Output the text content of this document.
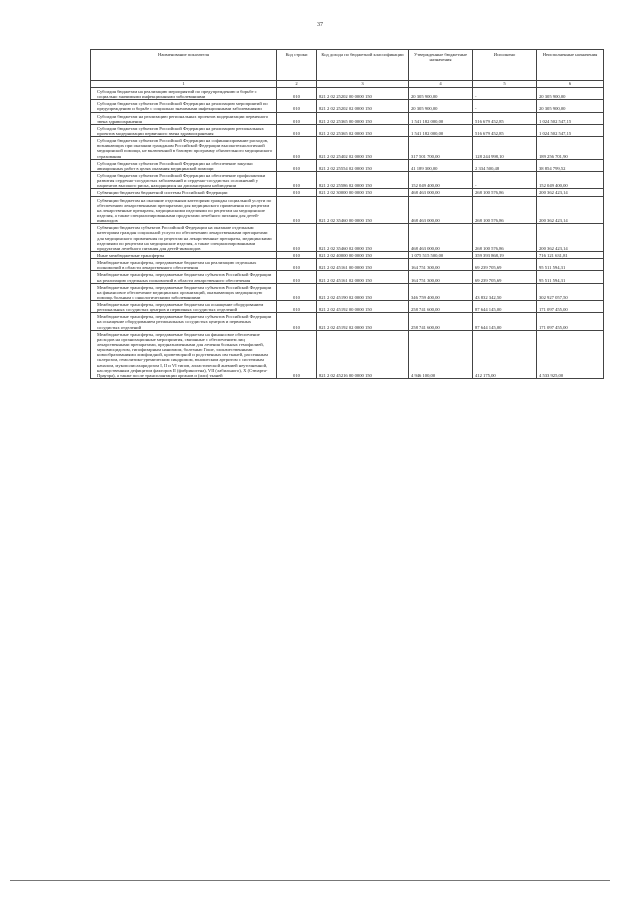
37
Наименование показателя	Код строки	Код дохода по бюджетной классификации	Утвержденные бюджетные назначения	Исполнено	Неисполненные назначения
1	2	3	4	5	6
Субсидия бюджетам на реализацию мероприятий по предупреждению и борьбе с социально значимыми инфекционными заболеваниями	010	821 2 02 25202 00 0000 150	20 305 900,00	-	20 305 900,00
Субсидии бюджетам субъектов Российской Федерации на реализацию мероприятий по предупреждению и борьбе с социально значимыми инфекционными заболеваниями	010	821 2 02 25202 02 0000 150	20 305 900,00	-	20 305 900,00
Субсидии бюджетам на реализацию региональных проектов модернизации первичного звена здравоохранения	010	821 2 02 25365 00 0000 150	1 541 182 000,00	516 679 452,85	1 024 502 547,15
Субсидии бюджетам субъектов Российской Федерации на реализацию региональных проектов модернизации первичного звена здравоохранения	010	821 2 02 25365 02 0000 150	1 541 182 000,00	516 679 452,85	1 024 502 547,15
Субсидии бюджетам субъектов Российской Федерации на софинансирование расходов, возникающих при оказании гражданам Российской Федерации высокотехнологичной медицинской помощи, не включенной в базовую программу обязательного медицинского страхования	010	821 2 02 25402 02 0000 150	317 501 700,00	128 244 998,10	189 256 701,90
Субсидии бюджетам субъектов Российской Федерации на обеспечение закупки авиационных работ в целях оказания медицинской помощи	010	821 2 02 25554 02 0000 150	41 189 300,00	2 334 500,48	38 854 799,52
Субсидии бюджетам субъектов Российской Федерации на обеспечение профилактики развития сердечно-сосудистых заболеваний и сердечно-сосудистых осложнений у пациентов высокого риска, находящихся на диспансерном наблюдении	010	821 2 02 25586 02 0000 150	152 049 400,00	-	152 049 400,00
Субвенции бюджетам бюджетной системы Российской Федерации	010	821 2 02 30000 00 0000 150	468 463 000,00	268 100 576,86	200 362 423,14
Субвенции бюджетам на оказание отдельным категориям граждан социальной услуги по обеспечению лекарственными препаратами для медицинского применения по рецептам на лекарственные препараты, медицинскими изделиями по рецептам на медицинские изделия, а также специализированными продуктами лечебного питания для детей-инвалидов	010	821 2 02 35460 00 0000 150	468 463 000,00	268 100 576,86	200 362 423,14
Субвенции бюджетам субъектов Российской Федерации на оказание отдельным категориям граждан социальной услуги по обеспечению лекарственными препаратами для медицинского применения по рецептам на лекарственные препараты, медицинскими изделиями по рецептам на медицинские изделия, а также специализированными продуктами лечебного питания для детей-инвалидов	010	821 2 02 35460 02 0000 150	468 463 000,00	268 100 576,86	200 362 423,14
Иные межбюджетные трансферты	010	821 2 02 40000 00 0000 150	1 075 515 500,00	359 393 868,19	716 121 631,81
Межбюджетные трансферты, передаваемые бюджетам на реализацию отдельных полномочий в области лекарственного обеспечения	010	821 2 02 45161 00 0000 150	164 751 300,00	69 239 705,69	95 511 594,31
Межбюджетные трансферты, передаваемые бюджетам субъектов Российской Федерации на реализацию отдельных полномочий в области лекарственного обеспечения	010	821 2 02 45161 02 0000 150	164 751 300,00	69 239 705,69	95 511 594,31
Межбюджетные трансферты, передаваемые бюджетам субъектов Российской Федерации на финансовое обеспечение медицинских организаций, оказывающих медицинскую помощь больным с онкологическими заболеваниями	010	821 2 02 45190 02 0000 150	346 759 400,00	43 832 342,50	302 927 057,50
Межбюджетные трансферты, передаваемые бюджетам на оснащение оборудованием региональных сосудистых центров и первичных сосудистых отделений	010	821 2 02 45192 00 0000 150	258 741 600,00	87 644 145,00	171 097 455,00
Межбюджетные трансферты, передаваемые бюджетам субъектов Российской Федерации на оснащение оборудованием региональных сосудистых центров и первичных сосудистых отделений	010	821 2 02 45192 02 0000 150	258 741 600,00	87 644 145,00	171 097 455,00
Межбюджетные трансферты, передаваемые бюджетам на финансовое обеспечение расходов на организационные мероприятия, связанные с обеспечением лиц лекарственными препаратами, предназначенными для лечения больных гемофилией, муковисцидозом, гипофизарным нанизмом, болезнью Гоше, злокачественными новообразованиями лимфоидной, кроветворной и родственных им тканей, рассеянным склерозом, гемолитико-уремическим синдромом, юношеским артритом с системным началом, мукополисахаридозом I, II и VI типов, апластической анемией неуточненной, наследственным дефицитом факторов II (фибриногена), VII (лабильного), X (Стюарта-Прауэра), а также после трансплантации органов и (или) тканей	010	821 2 02 45216 00 0000 150	4 946 100,00	412 175,00	4 533 925,00
